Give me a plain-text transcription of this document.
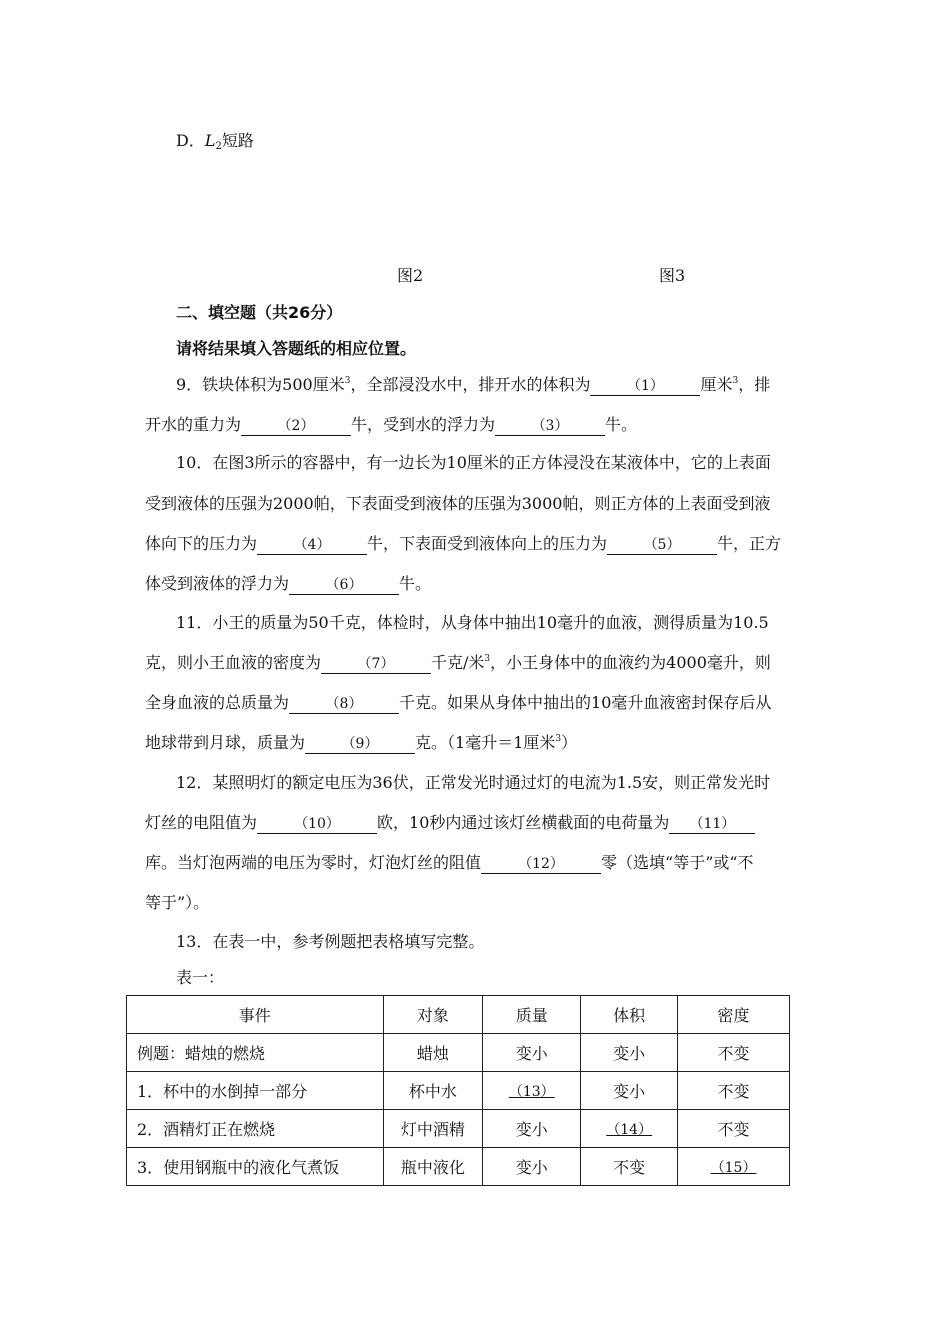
D．$L_2$短路
图2	图3
二、填空题（共26分）
请将结果填入答题纸的相应位置。
9．铁块体积为500厘米$^3$，全部浸没水中，排开水的体积为	（1） 厘米$^3$，排
开水的重力为	（2） 牛，受到水的浮力为	（3） 牛。
10．在图3所示的容器中，有一边长为10厘米的正方体浸没在某液体中，它的上表面
受到液体的压强为2000帕，下表面受到液体的压强为3000帕，则正方体的上表面受到液
体向下的压力为	（4） 牛，下表面受到液体向上的压力为	（5） 牛，正方
体受到液体的浮力为	（6） 牛。
11．小王的质量为50千克，体检时，从身体中抽出10毫升的血液，测得质量为10.5
克，则小王血液的密度为	（7） 千克/米$^3$，小王身体中的血液约为4000毫升，则
全身血液的总质量为	（8） 千克。如果从身体中抽出的10毫升血液密封保存后从
地球带到月球，质量为	（9） 克。（1毫升＝1厘米$^3$）
12．某照明灯的额定电压为36伏，正常发光时通过灯的电流为1.5安，则正常发光时
灯丝的电阻值为	（10） 欧，10秒内通过该灯丝横截面的电荷量为 （11）
库。当灯泡两端的电压为零时，灯泡灯丝的阻值	（12） 零（选填“等于”或“不
等于”）。
13．在表一中，参考例题把表格填写完整。
表一：
事件	对象	质量	体积	密度
例题：蜡烛的燃烧	蜡烛	变小	变小	不变
1．杯中的水倒掉一部分	杯中水	（13）	变小	不变
2．酒精灯正在燃烧	灯中酒精	变小	（14）	不变
3．使用钢瓶中的液化气煮饭	瓶中液化	变小	不变	（15）
